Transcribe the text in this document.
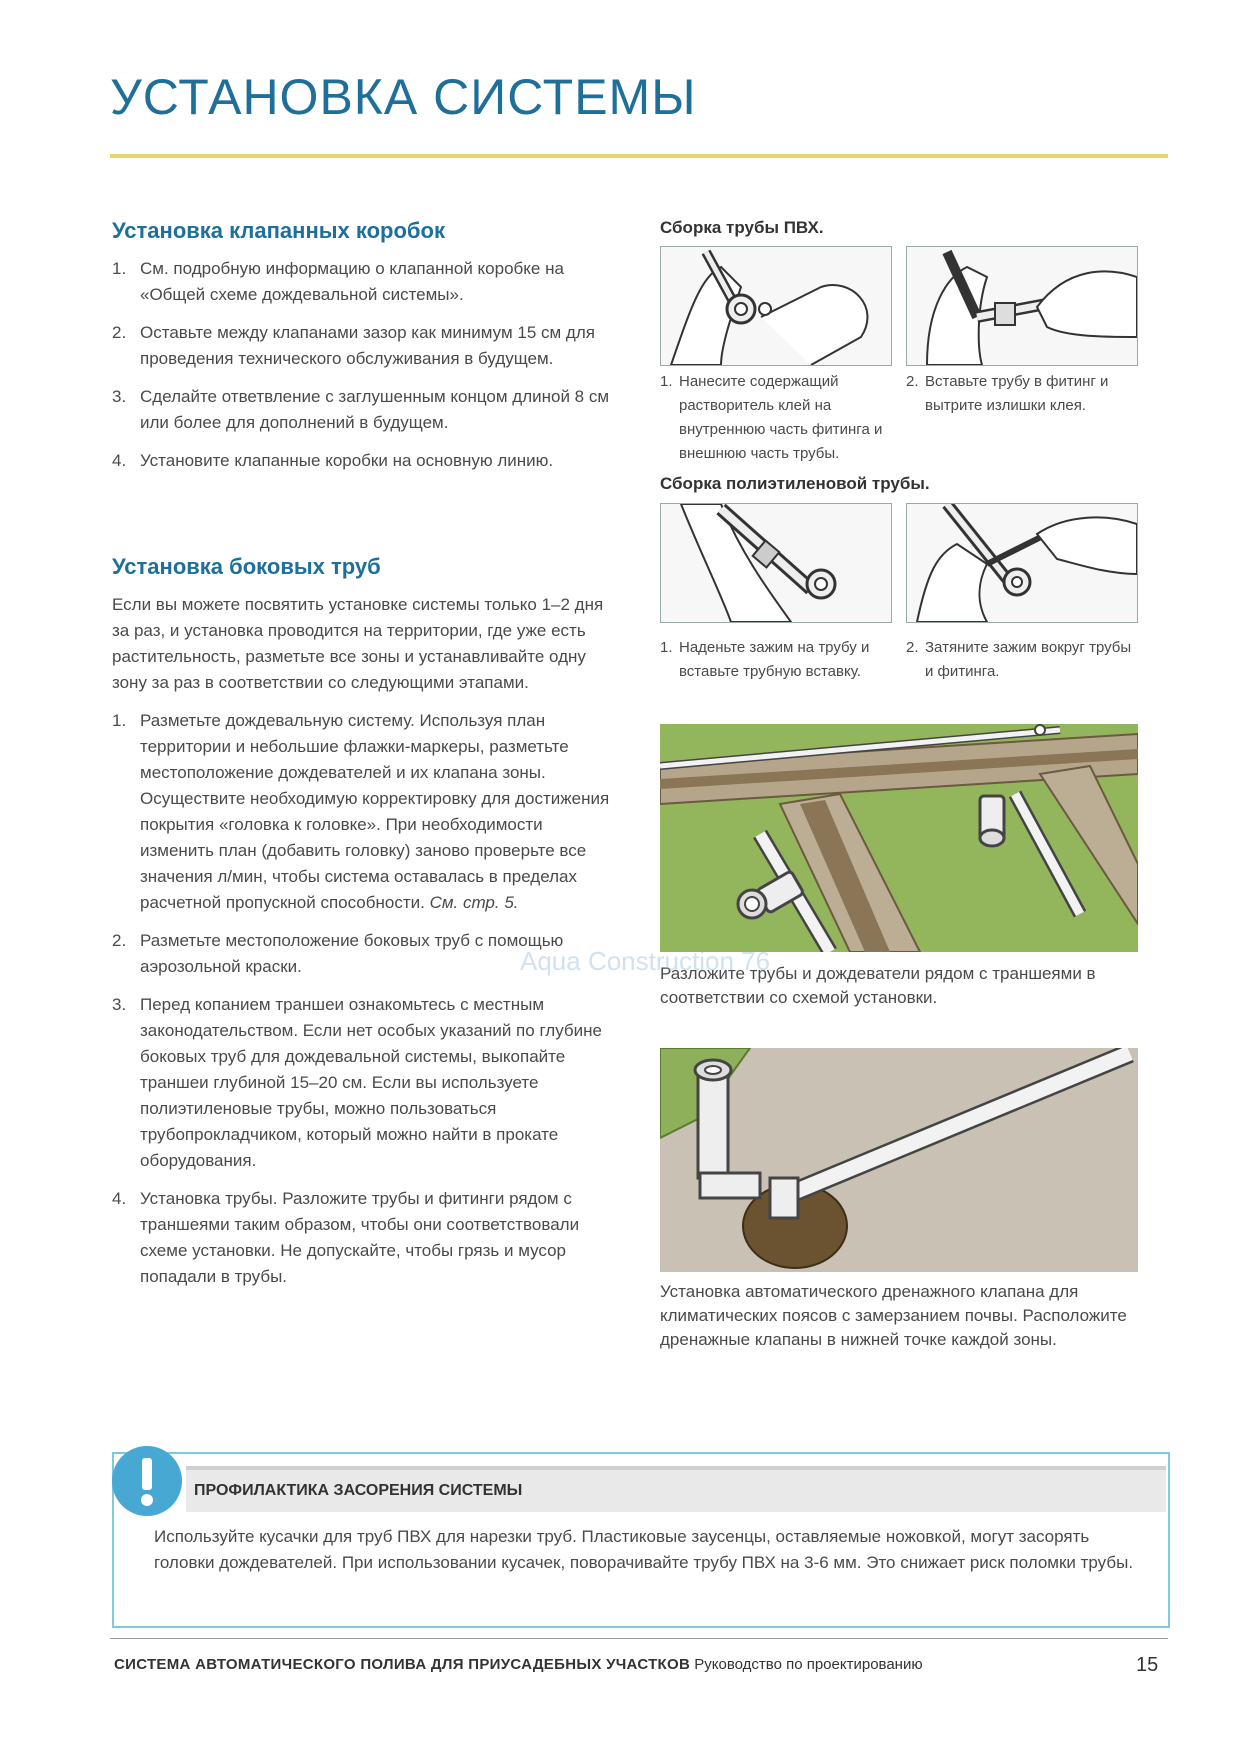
УСТАНОВКА СИСТЕМЫ
Установка клапанных коробок
1. См. подробную информацию о клапанной коробке на «Общей схеме дождевальной системы».
2. Оставьте между клапанами зазор как минимум 15 см для проведения технического обслуживания в будущем.
3. Сделайте ответвление с заглушенным концом длиной 8 см или более для дополнений в будущем.
4. Установите клапанные коробки на основную линию.
Установка боковых труб

Если вы можете посвятить установке системы только 1–2 дня за раз, и установка проводится на территории, где уже есть растительность, разметьте все зоны и устанавливайте одну зону за раз в соответствии со следующими этапами.

1. Разметьте дождевальную систему. Используя план территории и небольшие флажки-маркеры, разметьте местоположение дождевателей и их клапана зоны. Осуществите необходимую корректировку для достижения покрытия «головка к головке». При необходимости изменить план (добавить головку) заново проверьте все значения л/мин, чтобы система оставалась в пределах расчетной пропускной способности. См. стр. 5.
2. Разметьте местоположение боковых труб с помощью аэрозольной краски.
3. Перед копанием траншеи ознакомьтесь с местным законодательством. Если нет особых указаний по глубине боковых труб для дождевальной системы, выкопайте траншеи глубиной 15–20 см. Если вы используете полиэтиленовые трубы, можно пользоваться трубопрокладчиком, который можно найти в прокате оборудования.
4. Установка трубы. Разложите трубы и фитинги рядом с траншеями таким образом, чтобы они соответствовали схеме установки. Не допускайте, чтобы грязь и мусор попадали в трубы.

Сборка трубы ПВХ.

1. Нанесите содержащий растворитель клей на внутреннюю часть фитинга и внешнюю часть трубы.

2. Вставьте трубу в фитинг и вытрите излишки клея.

Сборка полиэтиленовой трубы.

1. Наденьте зажим на трубу и вставьте трубную вставку.

2. Затяните зажим вокруг трубы и фитинга.

Разложите трубы и дождеватели рядом с траншеями в соответствии со схемой установки.

Установка автоматического дренажного клапана для климатических поясов с замерзанием почвы. Расположите дренажные клапаны в нижней точке каждой зоны.

Aqua Construction 76
ПРОФИЛАКТИКА ЗАСОРЕНИЯ СИСТЕМЫ

Используйте кусачки для труб ПВХ для нарезки труб. Пластиковые заусенцы, оставляемые ножовкой, могут засорять головки дождевателей. При использовании кусачек, поворачивайте трубу ПВХ на 3-6 мм. Это снижает риск поломки трубы.

СИСТЕМА АВТОМАТИЧЕСКОГО ПОЛИВА ДЛЯ ПРИУСАДЕБНЫХ УЧАСТКОВ Руководство по проектированию	15
